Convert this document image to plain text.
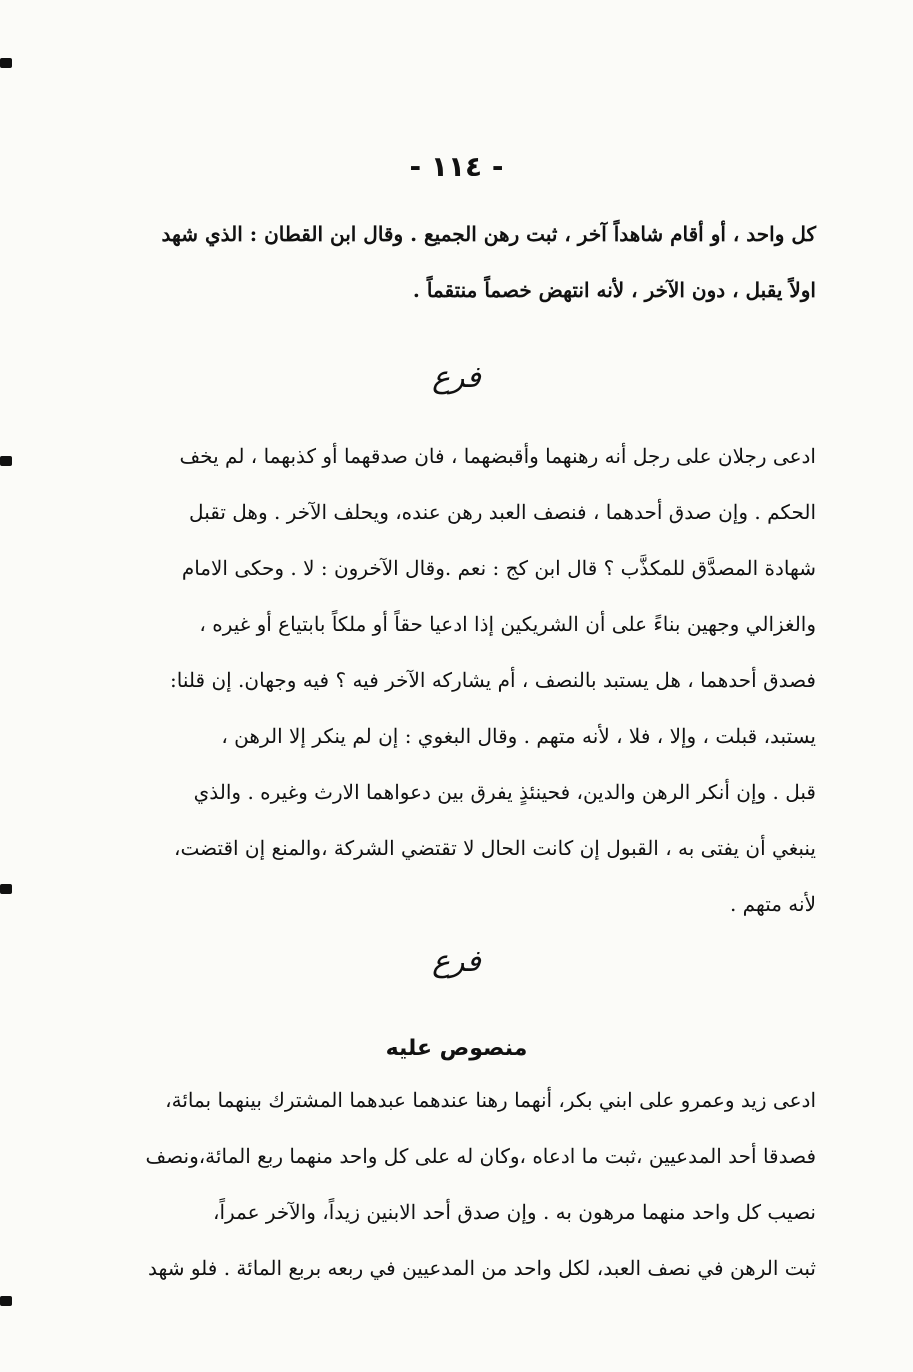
- ١١٤ -
كل واحد ، أو أقام شاهداً آخر ، ثبت رهن الجميع . وقال ابن القطان : الذي شهد
اولاً يقبل ، دون الآخر ، لأنه انتهض خصماً منتقماً .
فرع
ادعى رجلان على رجل أنه رهنهما وأقبضهما ، فان صدقهما أو كذبهما ، لم يخف
الحكم . وإن صدق أحدهما ، فنصف العبد رهن عنده، ويحلف الآخر . وهل تقبل
شهادة المصدَّق للمكذَّب ؟ قال ابن كج : نعم .وقال الآخرون : لا . وحكى الامام
والغزالي وجهين بناءً على أن الشريكين إذا ادعيا حقاً أو ملكاً بابتياع أو غيره ،
فصدق أحدهما ، هل يستبد بالنصف ، أم يشاركه الآخر فيه ؟ فيه وجهان. إن قلنا:
يستبد، قبلت ، وإلا ، فلا ، لأنه متهم . وقال البغوي : إن لم ينكر إلا الرهن ،
قبل . وإن أنكر الرهن والدين، فحينئذٍ يفرق بين دعواهما الارث وغيره . والذي
ينبغي أن يفتى به ، القبول إن كانت الحال لا تقتضي الشركة ،والمنع إن اقتضت،
لأنه متهم .
فرع
منصوص عليه
ادعى زيد وعمرو على ابني بكر، أنهما رهنا عندهما عبدهما المشترك بينهما بمائة،
فصدقا أحد المدعيين ،ثبت ما ادعاه ،وكان له على كل واحد منهما ربع المائة،ونصف
نصيب كل واحد منهما مرهون به . وإن صدق أحد الابنين زيداً، والآخر عمراً،
ثبت الرهن في نصف العبد، لكل واحد من المدعيين في ربعه بربع المائة . فلو شهد
